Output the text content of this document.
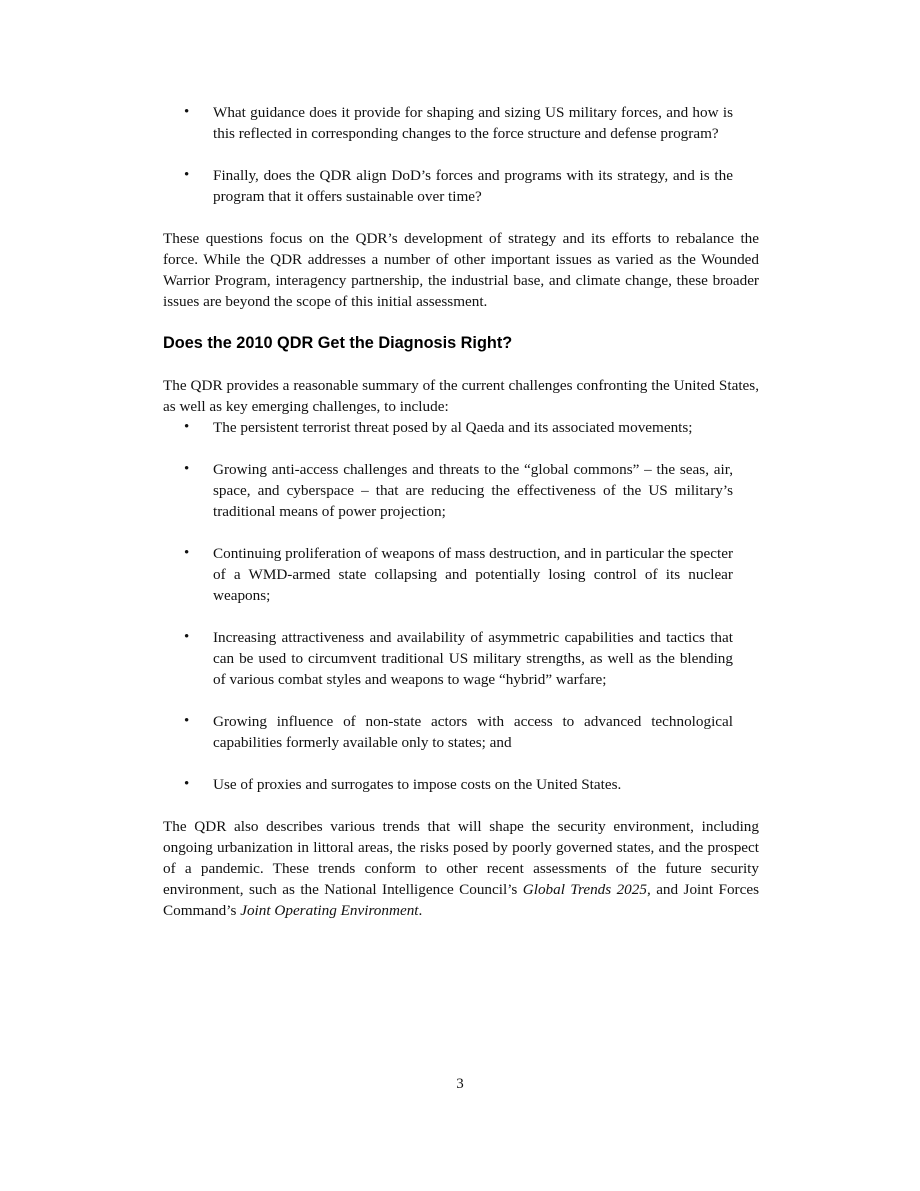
• What guidance does it provide for shaping and sizing US military forces, and how is this reflected in corresponding changes to the force structure and defense program?
• Finally, does the QDR align DoD’s forces and programs with its strategy, and is the program that it offers sustainable over time?

These questions focus on the QDR’s development of strategy and its efforts to rebalance the force. While the QDR addresses a number of other important issues as varied as the Wounded Warrior Program, interagency partnership, the industrial base, and climate change, these broader issues are beyond the scope of this initial assessment.

Does the 2010 QDR Get the Diagnosis Right?

The QDR provides a reasonable summary of the current challenges confronting the United States, as well as key emerging challenges, to include:

• The persistent terrorist threat posed by al Qaeda and its associated movements;
• Growing anti-access challenges and threats to the “global commons” – the seas, air, space, and cyberspace – that are reducing the effectiveness of the US military’s traditional means of power projection;
• Continuing proliferation of weapons of mass destruction, and in particular the specter of a WMD-armed state collapsing and potentially losing control of its nuclear weapons;
• Increasing attractiveness and availability of asymmetric capabilities and tactics that can be used to circumvent traditional US military strengths, as well as the blending of various combat styles and weapons to wage “hybrid” warfare;
• Growing influence of non-state actors with access to advanced technological capabilities formerly available only to states; and
• Use of proxies and surrogates to impose costs on the United States.

The QDR also describes various trends that will shape the security environment, including ongoing urbanization in littoral areas, the risks posed by poorly governed states, and the prospect of a pandemic. These trends conform to other recent assessments of the future security environment, such as the National Intelligence Council’s Global Trends 2025, and Joint Forces Command’s Joint Operating Environment.

3
